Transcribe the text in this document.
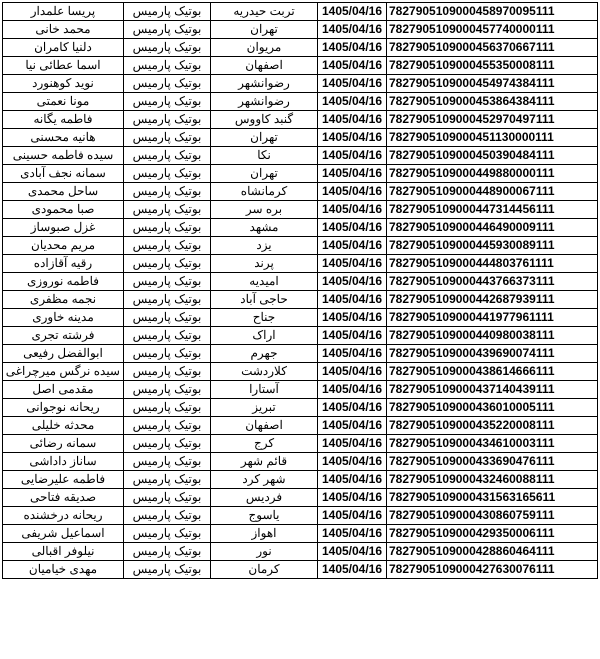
پریسا علمدار	بوتیک پارمیس	تربت حیدریه	1405/04/16	7827905109000458970095111
محمد خانی	بوتیک پارمیس	تهران	1405/04/16	7827905109000457740000111
دلنیا کامران	بوتیک پارمیس	مریوان	1405/04/16	7827905109000456370667111
اسما عطائی نیا	بوتیک پارمیس	اصفهان	1405/04/16	7827905109000455350008111
نوید کوهنورد	بوتیک پارمیس	رضوانشهر	1405/04/16	7827905109000454974384111
مونا نعمتی	بوتیک پارمیس	رضوانشهر	1405/04/16	7827905109000453864384111
فاطمه یگانه	بوتیک پارمیس	گنبد کاووس	1405/04/16	7827905109000452970497111
هانیه محسنی	بوتیک پارمیس	تهران	1405/04/16	7827905109000451130000111
سیده فاطمه حسینی	بوتیک پارمیس	نکا	1405/04/16	7827905109000450390484111
سمانه نجف آبادی	بوتیک پارمیس	تهران	1405/04/16	7827905109000449880000111
ساحل محمدی	بوتیک پارمیس	کرمانشاه	1405/04/16	7827905109000448900067111
صبا محمودی	بوتیک پارمیس	بره سر	1405/04/16	7827905109000447314456111
غزل صبوساز	بوتیک پارمیس	مشهد	1405/04/16	7827905109000446490009111
مریم محدیان	بوتیک پارمیس	یزد	1405/04/16	7827905109000445930089111
رقیه آقازاده	بوتیک پارمیس	پرند	1405/04/16	7827905109000444803761111
فاطمه نوروزی	بوتیک پارمیس	امیدیه	1405/04/16	7827905109000443766373111
نجمه مظفری	بوتیک پارمیس	حاجی آباد	1405/04/16	7827905109000442687939111
مدینه خاوری	بوتیک پارمیس	جناح	1405/04/16	7827905109000441977961111
فرشته تجری	بوتیک پارمیس	اراک	1405/04/16	7827905109000440980038111
ابوالفضل رفیعی	بوتیک پارمیس	جهرم	1405/04/16	7827905109000439690074111
سیده نرگس میرچراغی	بوتیک پارمیس	کلاردشت	1405/04/16	7827905109000438614666111
مقدمی اصل	بوتیک پارمیس	آستارا	1405/04/16	7827905109000437140439111
ریحانه نوجوانی	بوتیک پارمیس	تبریز	1405/04/16	7827905109000436010005111
محدثه خلیلی	بوتیک پارمیس	اصفهان	1405/04/16	7827905109000435220008111
سمانه رضائی	بوتیک پارمیس	کرج	1405/04/16	7827905109000434610003111
ساناز داداشی	بوتیک پارمیس	قائم شهر	1405/04/16	7827905109000433690476111
فاطمه علیرضایی	بوتیک پارمیس	شهر کرد	1405/04/16	7827905109000432460088111
صدیقه فتاحی	بوتیک پارمیس	فردیس	1405/04/16	7827905109000431563165611
ریحانه درخشنده	بوتیک پارمیس	یاسوج	1405/04/16	7827905109000430860759111
اسماعیل شریفی	بوتیک پارمیس	اهواز	1405/04/16	7827905109000429350006111
نیلوفر اقبالی	بوتیک پارمیس	نور	1405/04/16	7827905109000428860464111
مهدی خیامیان	بوتیک پارمیس	کرمان	1405/04/16	7827905109000427630076111
